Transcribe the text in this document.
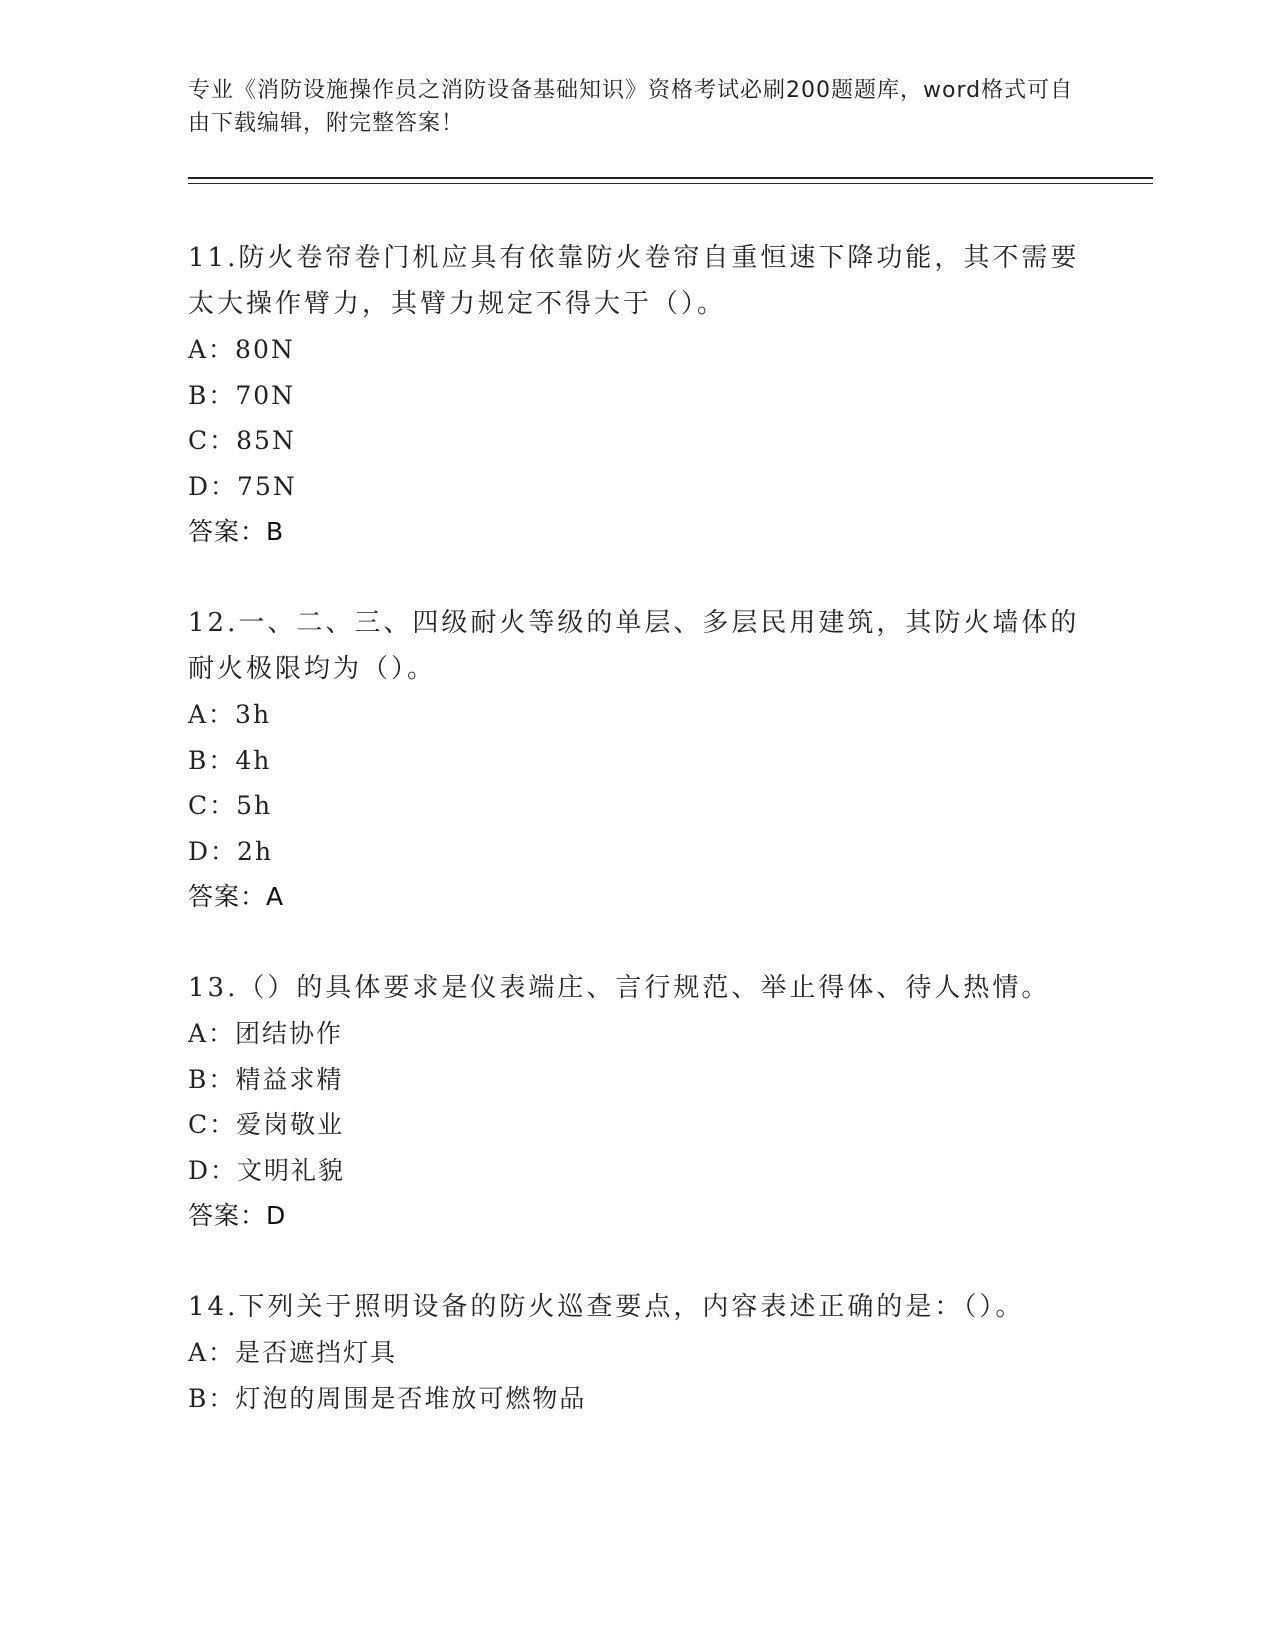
专业《消防设施操作员之消防设备基础知识》资格考试必刷200题题库，word格式可自由下载编辑，附完整答案！

11.防火卷帘卷门机应具有依靠防火卷帘自重恒速下降功能，其不需要太大操作臂力，其臂力规定不得大于（）。

A：80N

B：70N

C：85N

D：75N

答案：B

12.一、二、三、四级耐火等级的单层、多层民用建筑，其防火墙体的耐火极限均为（）。

A：3h

B：4h

C：5h

D：2h

答案：A

13.（）的具体要求是仪表端庄、言行规范、举止得体、待人热情。

A：团结协作

B：精益求精

C：爱岗敬业

D：文明礼貌

答案：D

14.下列关于照明设备的防火巡查要点，内容表述正确的是：（）。

A：是否遮挡灯具

B：灯泡的周围是否堆放可燃物品
